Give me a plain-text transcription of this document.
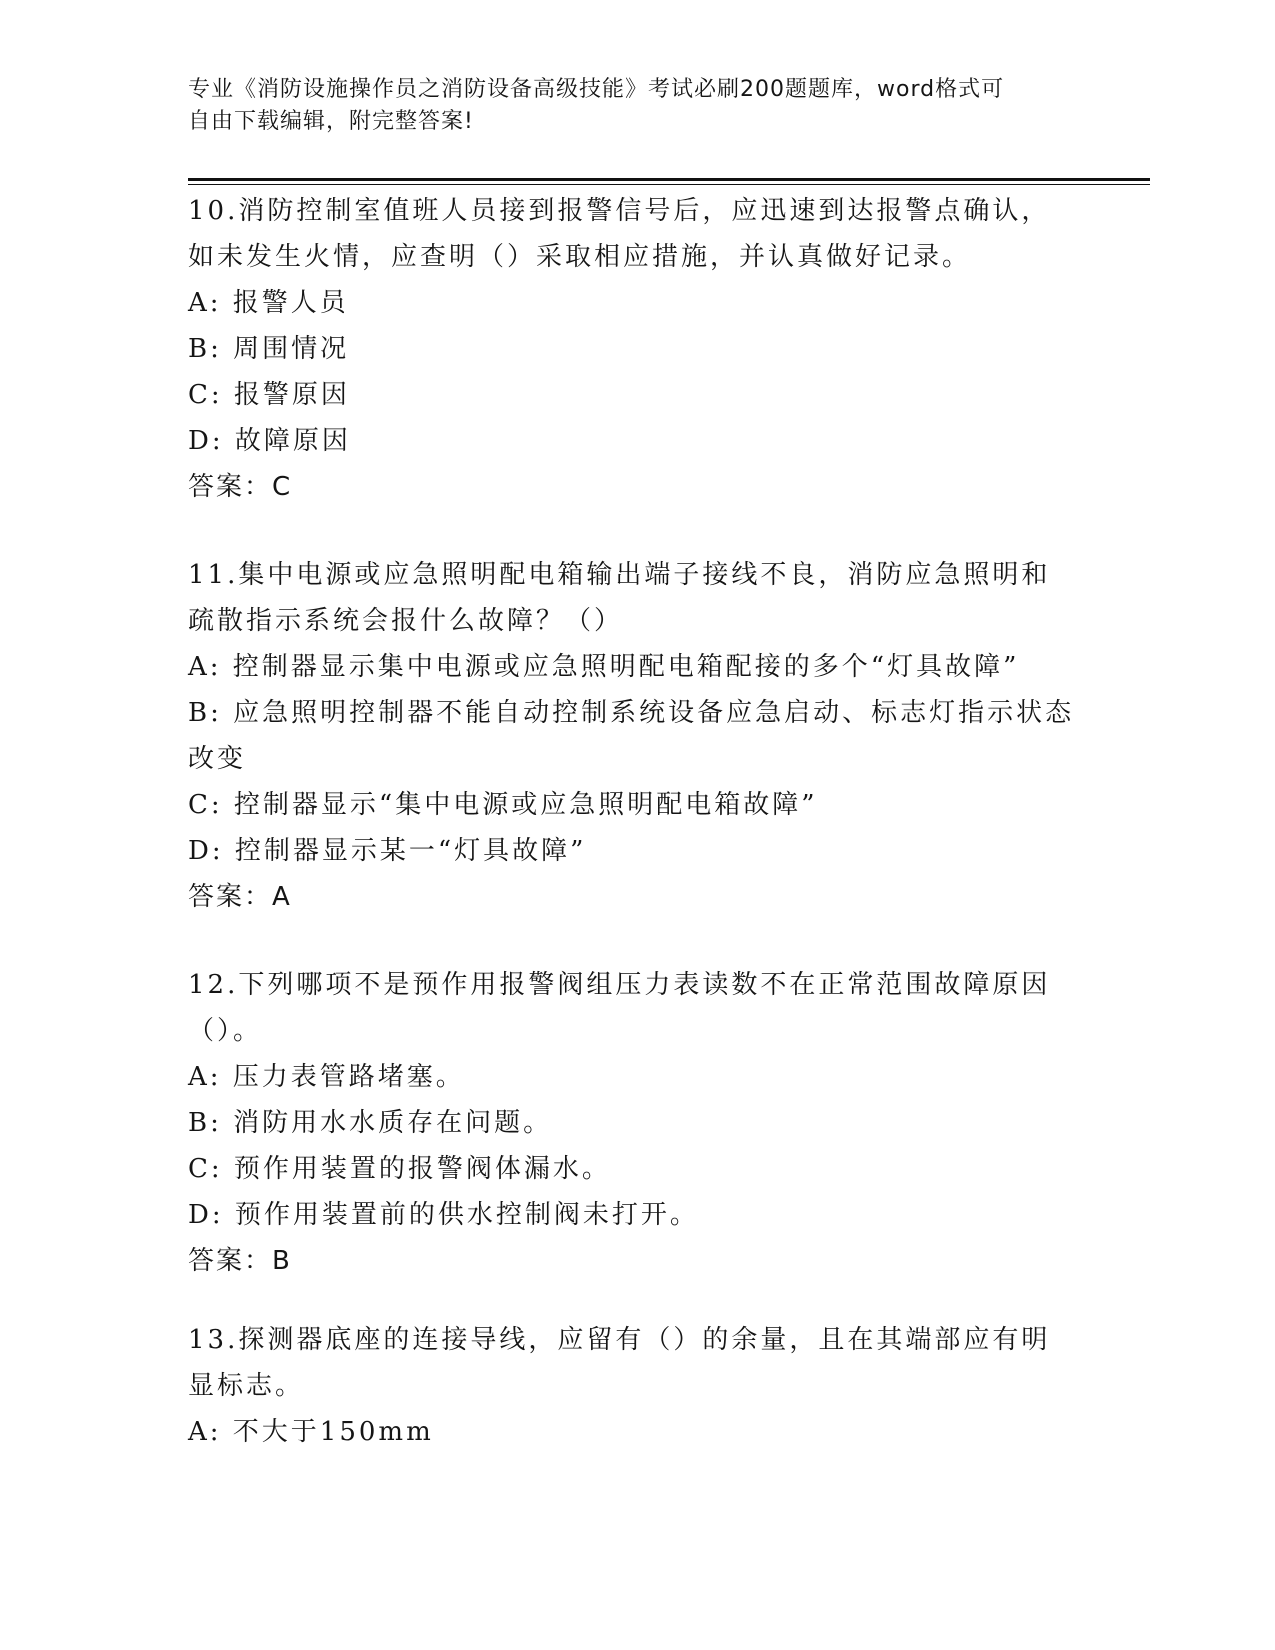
专业《消防设施操作员之消防设备高级技能》考试必刷200题题库，word格式可
自由下载编辑，附完整答案!
10.消防控制室值班人员接到报警信号后，应迅速到达报警点确认，如未发生火情，应查明（）采取相应措施，并认真做好记录。
A: 报警人员
B: 周围情况
C: 报警原因
D: 故障原因
答案：C
11.集中电源或应急照明配电箱输出端子接线不良，消防应急照明和疏散指示系统会报什么故障？（）
A: 控制器显示集中电源或应急照明配电箱配接的多个“灯具故障”
B: 应急照明控制器不能自动控制系统设备应急启动、标志灯指示状态改变
C: 控制器显示“集中电源或应急照明配电箱故障”
D: 控制器显示某一“灯具故障”
答案：A
12.下列哪项不是预作用报警阀组压力表读数不在正常范围故障原因（）。
A: 压力表管路堵塞。
B: 消防用水水质存在问题。
C: 预作用装置的报警阀体漏水。
D: 预作用装置前的供水控制阀未打开。
答案：B
13.探测器底座的连接导线，应留有（）的余量，且在其端部应有明显标志。
A: 不大于150mm
